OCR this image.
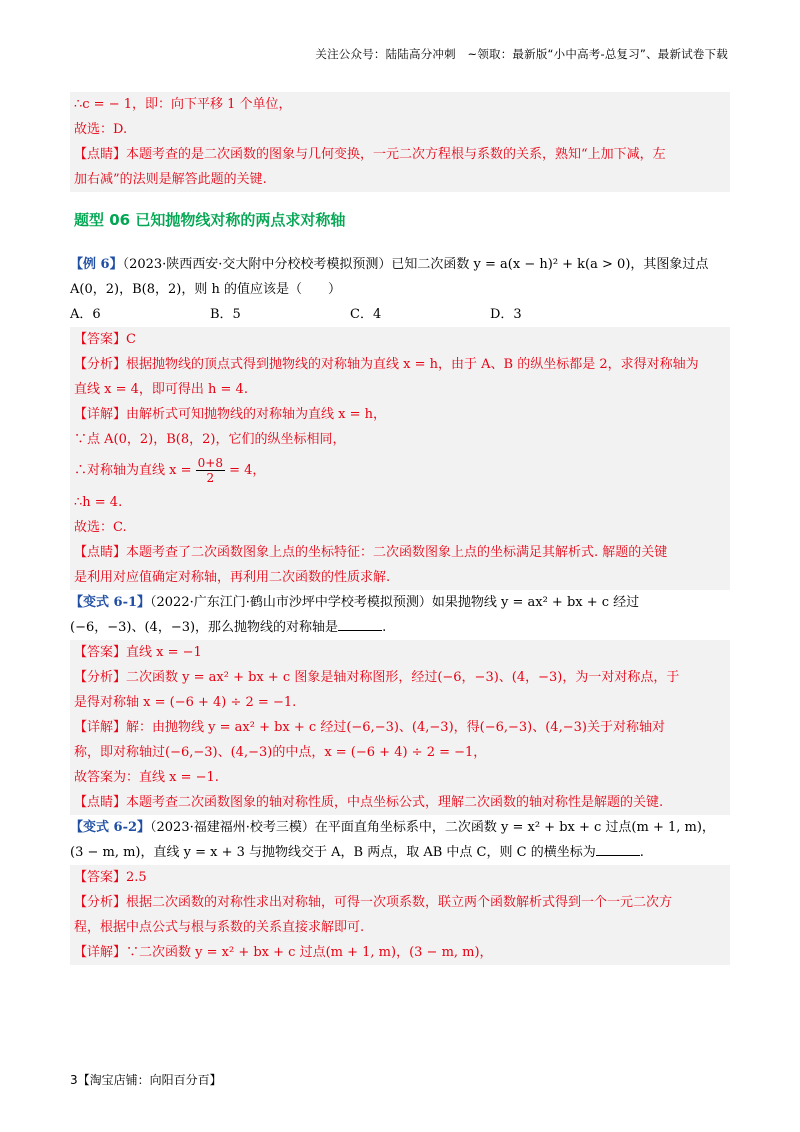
关注公众号：陆陆高分冲刺　~领取：最新版“小中高考-总复习”、最新试卷下载
∴c = − 1，即：向下平移 1 个单位，
故选：D.
【点睛】本题考查的是二次函数的图象与几何变换，一元二次方程根与系数的关系，熟知“上加下减，左
加右减”的法则是解答此题的关键.
题型 06 已知抛物线对称的两点求对称轴
【例 6】（2023·陕西西安·交大附中分校校考模拟预测）已知二次函数 y = a(x − h)² + k(a > 0)，其图象过点
A(0，2)，B(8，2)，则 h 的值应该是（　　）
A．6	B．5	C．4	D．3
【答案】C
【分析】根据抛物线的顶点式得到抛物线的对称轴为直线 x = h，由于 A、B 的纵坐标都是 2，求得对称轴为
直线 x = 4，即可得出 h = 4.
【详解】由解析式可知抛物线的对称轴为直线 x = h，
∵点 A(0，2)，B(8，2)，它们的纵坐标相同，
∴对称轴为直线 $x = \frac{0+8}{2} = 4$，
∴h = 4.
故选：C.
【点睛】本题考查了二次函数图象上点的坐标特征：二次函数图象上点的坐标满足其解析式. 解题的关键
是利用对应值确定对称轴，再利用二次函数的性质求解.
【变式 6-1】（2022·广东江门·鹤山市沙坪中学校考模拟预测）如果抛物线 y = ax² + bx + c 经过
(−6，−3)、(4，−3)，那么抛物线的对称轴是	.
【答案】直线 x = −1
【分析】二次函数 y = ax² + bx + c 图象是轴对称图形，经过(−6，−3)、(4，−3)，为一对对称点，于
是得对称轴 x = (−6 + 4) ÷ 2 = −1.
【详解】解：由抛物线 y = ax² + bx + c 经过(−6,−3)、(4,−3)，得(−6,−3)、(4,−3)关于对称轴对
称，即对称轴过(−6,−3)、(4,−3)的中点，x = (−6 + 4) ÷ 2 = −1，
故答案为：直线 x = −1.
【点睛】本题考查二次函数图象的轴对称性质，中点坐标公式，理解二次函数的轴对称性是解题的关键.
【变式 6-2】（2023·福建福州·校考三模）在平面直角坐标系中，二次函数 y = x² + bx + c 过点(m + 1, m)，
(3 − m, m)，直线 y = x + 3 与抛物线交于 A，B 两点，取 AB 中点 C，则 C 的横坐标为	.
【答案】2.5
【分析】根据二次函数的对称性求出对称轴，可得一次项系数，联立两个函数解析式得到一个一元二次方
程，根据中点公式与根与系数的关系直接求解即可.
【详解】∵二次函数 y = x² + bx + c 过点(m + 1, m)，(3 − m, m)，
3【淘宝店铺：向阳百分百】
